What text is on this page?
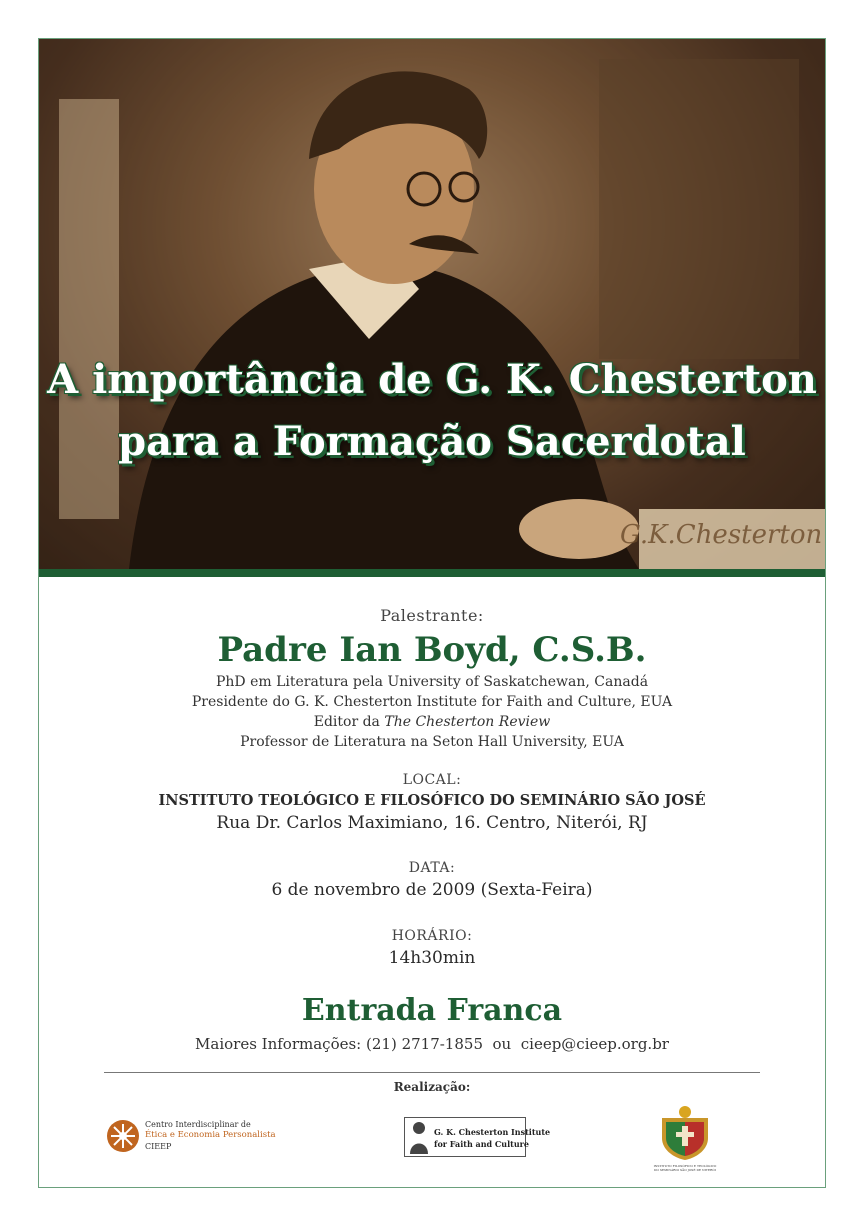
A importância de G. K. Chesterton
para a Formação Sacerdotal
G.K.Chesterton
Palestrante:
Padre Ian Boyd, C.S.B.
PhD em Literatura pela University of Saskatchewan, Canadá
Presidente do G. K. Chesterton Institute for Faith and Culture, EUA
Editor da The Chesterton Review
Professor de Literatura na Seton Hall University, EUA
LOCAL:
INSTITUTO TEOLÓGICO E FILOSÓFICO DO SEMINÁRIO SÃO JOSÉ
Rua Dr. Carlos Maximiano, 16. Centro, Niterói, RJ
DATA:
6 de novembro de 2009 (Sexta-Feira)
HORÁRIO:
14h30min
Entrada Franca
Maiores Informações: (21) 2717-1855  ou  cieep@cieep.org.br
Realização:
Centro Interdisciplinar de
Ética e Economia Personalista
CIEEP
G. K. Chesterton Institute
for Faith and Culture
INSTITUTO FILOSÓFICO E TEOLÓGICO DO SEMINÁRIO SÃO JOSÉ DE NITERÓI
